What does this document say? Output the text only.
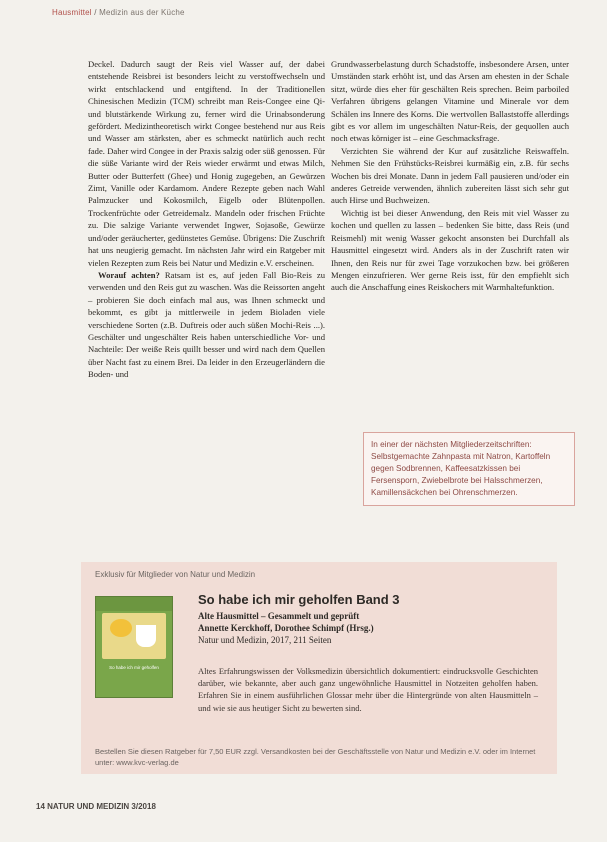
Hausmittel / Medizin aus der Küche

Deckel. Dadurch saugt der Reis viel Wasser auf, der dabei entstehende Reisbrei ist besonders leicht zu verstoffwechseln und wirkt entschlackend und entgiftend. In der Traditionellen Chinesischen Medizin (TCM) schreibt man Reis-Congee eine Qi- und blutstärkende Wirkung zu, ferner wird die Urinabsonderung gefördert. Medizintheoretisch wirkt Congee bestehend nur aus Reis und Wasser am stärksten, aber es schmeckt natürlich auch recht fade. Daher wird Congee in der Praxis salzig oder süß genossen. Für die süße Variante wird der Reis wieder erwärmt und etwas Milch, Butter oder Butterfett (Ghee) und Honig zugegeben, an Gewürzen Zimt, Vanille oder Kardamom. Andere Rezepte geben nach Wahl Palmzucker und Kokosmilch, Eigelb oder Blütenpollen. Trockenfrüchte oder Getreidemalz. Mandeln oder frischen Früchte zu. Die salzige Variante verwendet Ingwer, Sojasoße, Gewürze und/oder geräucherter, gedünstetes Gemüse. Übrigens: Die Zuschrift hat uns neugierig gemacht. Im nächsten Jahr wird ein Ratgeber mit vielen Rezepten zum Reis bei Natur und Medizin e.V. erscheinen.

Worauf achten? Ratsam ist es, auf jeden Fall Bio-Reis zu verwenden und den Reis gut zu waschen. Was die Reissorten angeht – probieren Sie doch einfach mal aus, was Ihnen schmeckt und bekommt, es gibt ja mittlerweile in jedem Bioladen viele verschiedene Sorten (z.B. Duftreis oder auch süßen Mochi-Reis ...). Geschälter und ungeschälter Reis haben unterschiedliche Vor- und Nachteile: Der weiße Reis quillt besser und wird nach dem Quellen über Nacht fast zu einem Brei. Da leider in den Erzeugerländern die Boden- und

Grundwasserbelastung durch Schadstoffe, insbesondere Arsen, unter Umständen stark erhöht ist, und das Arsen am ehesten in der Schale sitzt, würde dies eher für geschälten Reis sprechen. Beim parboiled Verfahren übrigens gelangen Vitamine und Minerale vor dem Schälen ins Innere des Korns. Die wertvollen Ballaststoffe allerdings gibt es vor allem im ungeschälten Natur-Reis, der gequollen auch noch etwas körniger ist – eine Geschmacksfrage.

Verzichten Sie während der Kur auf zusätzliche Reiswaffeln. Nehmen Sie den Frühstücks-Reisbrei kurmäßig ein, z.B. für sechs Wochen bis drei Monate. Dann in jedem Fall pausieren und/oder ein anderes Getreide verwenden, ähnlich zubereiten lässt sich sehr gut auch Hirse und Buchweizen.

Wichtig ist bei dieser Anwendung, den Reis mit viel Wasser zu kochen und quellen zu lassen – bedenken Sie bitte, dass Reis (und Reismehl) mit wenig Wasser gekocht ansonsten bei Durchfall als Hausmittel eingesetzt wird. Anders als in der Zuschrift raten wir Ihnen, den Reis nur für zwei Tage vorzukochen bzw. bei größeren Mengen einzufrieren. Wer gerne Reis isst, für den empfiehlt sich auch die Anschaffung eines Reiskochers mit Warmhaltefunktion.

In einer der nächsten Mitgliederzeitschriften: Selbstgemachte Zahnpasta mit Natron, Kartoffeln gegen Sodbrennen, Kaffeesatzkissen bei Fersensporn, Zwiebelbrote bei Halsschmerzen, Kamillensäckchen bei Ohrenschmerzen.
Exklusiv für Mitglieder von Natur und Medizin
So habe ich mir geholfen
So habe ich mir geholfen Band 3
Alte Hausmittel – Gesammelt und geprüft
Annette Kerckhoff, Dorothee Schimpf (Hrsg.)
Natur und Medizin, 2017, 211 Seiten
Altes Erfahrungswissen der Volksmedizin übersichtlich dokumentiert: eindrucksvolle Geschichten darüber, wie bekannte, aber auch ganz ungewöhnliche Hausmittel in Notzeiten geholfen haben. Erfahren Sie in einem ausführlichen Glossar mehr über die Hintergründe von alten Hausmitteln – und wie sie aus heutiger Sicht zu bewerten sind.
Bestellen Sie diesen Ratgeber für 7,50 EUR zzgl. Versandkosten bei der Geschäftsstelle von Natur und Medizin e.V. oder im Internet unter: www.kvc-verlag.de
14 NATUR UND MEDIZIN 3/2018
